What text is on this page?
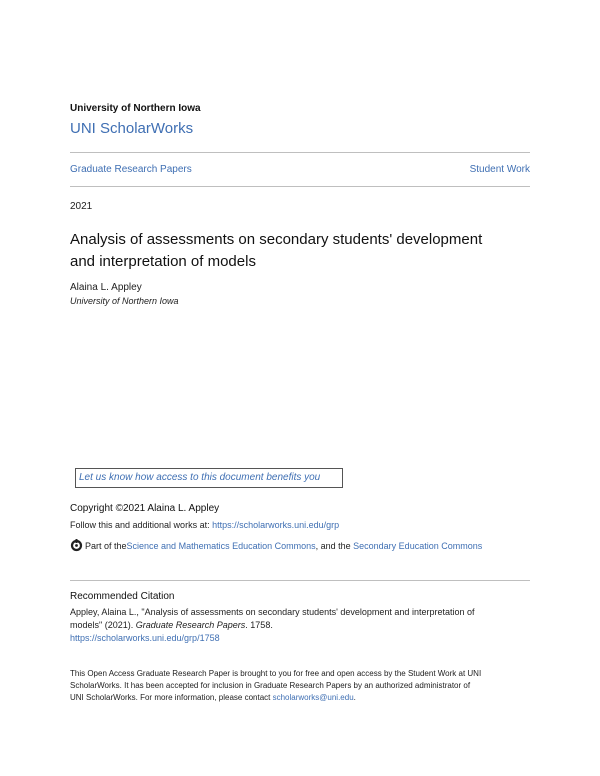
University of Northern Iowa
UNI ScholarWorks
Graduate Research Papers	Student Work
2021
Analysis of assessments on secondary students' development
and interpretation of models
Alaina L. Appley
University of Northern Iowa
Let us know how access to this document benefits you
Copyright ©2021 Alaina L. Appley
Follow this and additional works at: https://scholarworks.uni.edu/grp
Part of the Science and Mathematics Education Commons , and the Secondary Education Commons
Recommended Citation
Appley, Alaina L., "Analysis of assessments on secondary students' development and interpretation of
models" (2021). Graduate Research Papers. 1758.
https://scholarworks.uni.edu/grp/1758
This Open Access Graduate Research Paper is brought to you for free and open access by the Student Work at UNI
ScholarWorks. It has been accepted for inclusion in Graduate Research Papers by an authorized administrator of
UNI ScholarWorks. For more information, please contact scholarworks@uni.edu.
